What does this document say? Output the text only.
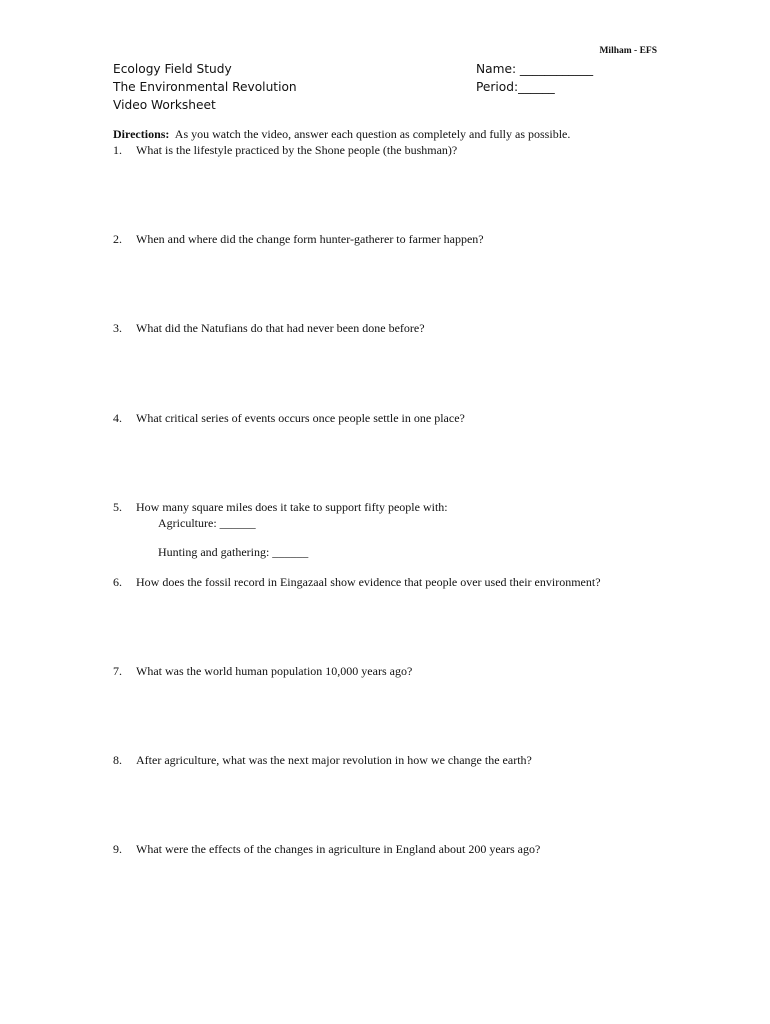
Milham - EFS
Ecology Field Study
The Environmental Revolution
Video Worksheet
Name: ____________
Period:______
Directions: As you watch the video, answer each question as completely and fully as possible.
1. What is the lifestyle practiced by the Shone people (the bushman)?
2. When and where did the change form hunter-gatherer to farmer happen?
3. What did the Natufians do that had never been done before?
4. What critical series of events occurs once people settle in one place?
5. How many square miles does it take to support fifty people with:
Agriculture: ______
Hunting and gathering: ______
6. How does the fossil record in Eingazaal show evidence that people over used their environment?
7. What was the world human population 10,000 years ago?
8. After agriculture, what was the next major revolution in how we change the earth?
9. What were the effects of the changes in agriculture in England about 200 years ago?
